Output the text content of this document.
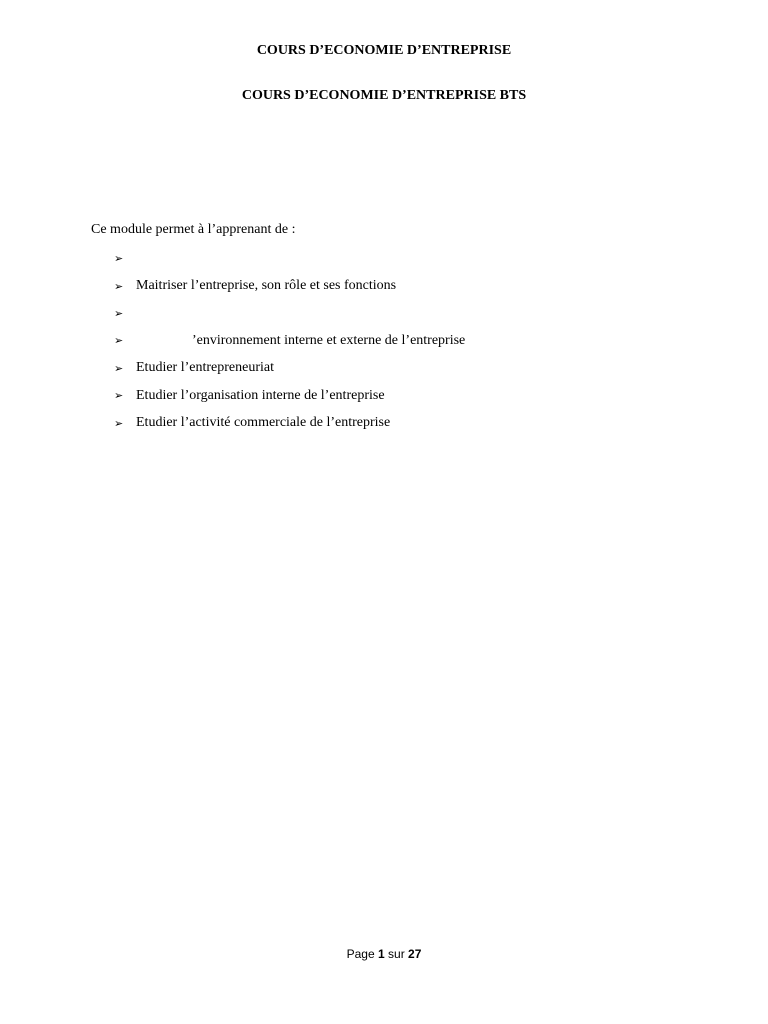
COURS D’ECONOMIE D’ENTREPRISE

COURS D’ECONOMIE D’ENTREPRISE BTS

Ce module permet à l’apprenant de :

➢
➢ Maitriser l’entreprise, son rôle et ses fonctions
➢
➢	’environnement interne et externe de l’entreprise
➢ Etudier l’entrepreneuriat
➢ Etudier l’organisation interne de l’entreprise
➢ Etudier l’activité commerciale de l’entreprise
Page 1 sur 27
